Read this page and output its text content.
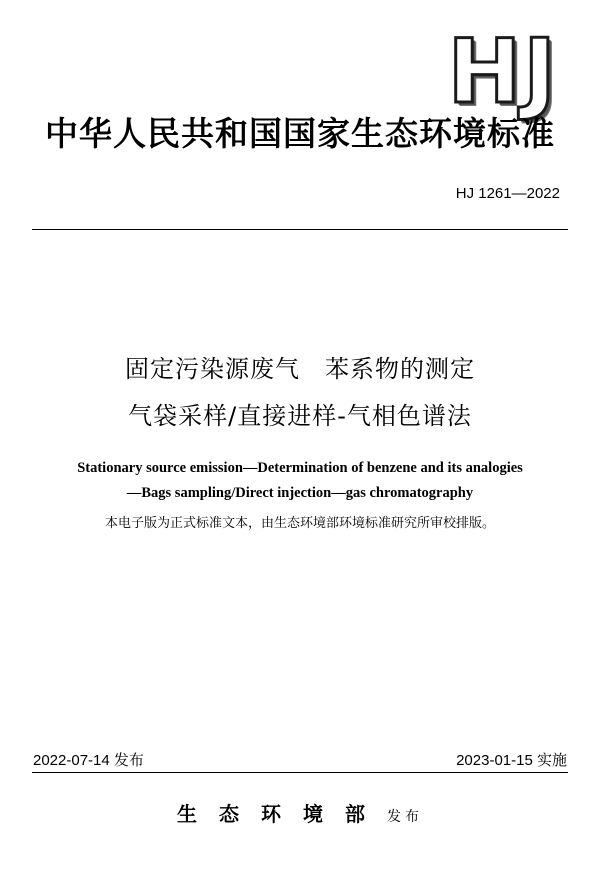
HJ
中华人民共和国国家生态环境标准
HJ 1261—2022
固定污染源废气　苯系物的测定
气袋采样/直接进样-气相色谱法
Stationary source emission—Determination of benzene and its analogies
—Bags sampling/Direct injection—gas chromatography
本电子版为正式标准文本，由生态环境部环境标准研究所审校排版。
2022-07-14 发布	2023-01-15 实施
生态环境部发布
